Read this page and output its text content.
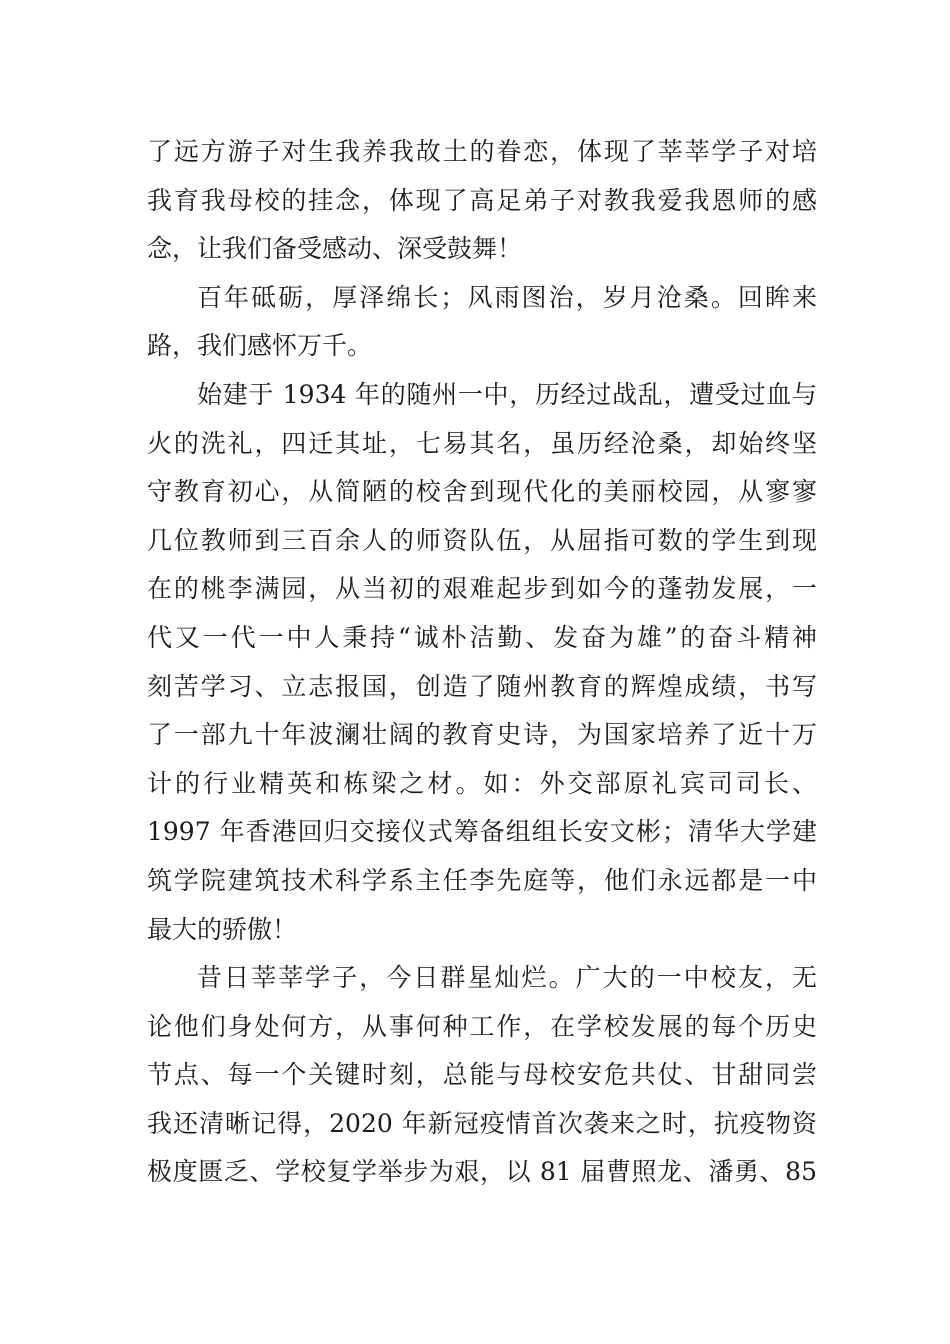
了远方游子对生我养我故土的眷恋，体现了莘莘学子对培
我育我母校的挂念，体现了高足弟子对教我爱我恩师的感
念，让我们备受感动、深受鼓舞！
百年砥砺，厚泽绵长；风雨图治，岁月沧桑。回眸来
路，我们感怀万千。
始建于 1934 年的随州一中，历经过战乱，遭受过血与
火的洗礼，四迁其址，七易其名，虽历经沧桑，却始终坚
守教育初心，从简陋的校舍到现代化的美丽校园，从寥寥
几位教师到三百余人的师资队伍，从屈指可数的学生到现
在的桃李满园，从当初的艰难起步到如今的蓬勃发展，一
代又一代一中人秉持“诚朴洁勤、发奋为雄”的奋斗精神
刻苦学习、立志报国，创造了随州教育的辉煌成绩，书写
了一部九十年波澜壮阔的教育史诗，为国家培养了近十万
计的行业精英和栋梁之材。如：外交部原礼宾司司长、
1997 年香港回归交接仪式筹备组组长安文彬；清华大学建
筑学院建筑技术科学系主任李先庭等，他们永远都是一中
最大的骄傲！
昔日莘莘学子，今日群星灿烂。广大的一中校友，无
论他们身处何方，从事何种工作，在学校发展的每个历史
节点、每一个关键时刻，总能与母校安危共仗、甘甜同尝
我还清晰记得，2020 年新冠疫情首次袭来之时，抗疫物资
极度匮乏、学校复学举步为艰，以 81 届曹照龙、潘勇、85
